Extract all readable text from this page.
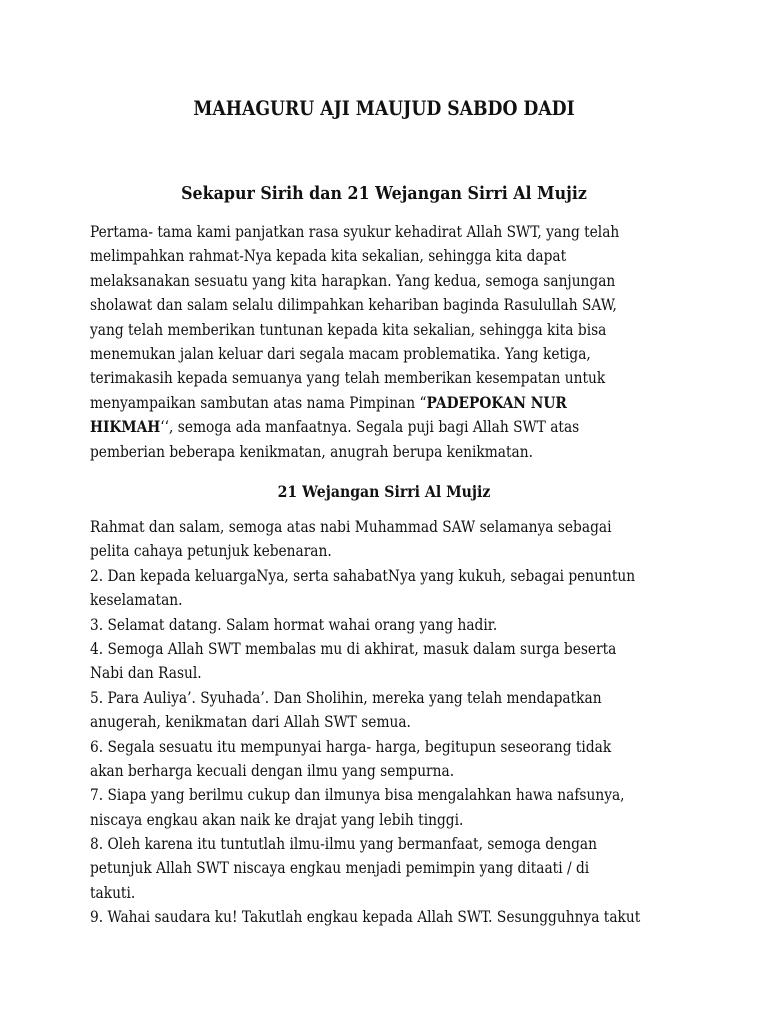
MAHAGURU AJI MAUJUD SABDO DADI
Sekapur Sirih dan 21 Wejangan Sirri Al Mujiz
Pertama- tama kami panjatkan rasa syukur kehadirat Allah SWT, yang telah
melimpahkan rahmat-Nya kepada kita sekalian, sehingga kita dapat
melaksanakan sesuatu yang kita harapkan. Yang kedua, semoga sanjungan
sholawat dan salam selalu dilimpahkan kehariban baginda Rasulullah SAW,
yang telah memberikan tuntunan kepada kita sekalian, sehingga kita bisa
menemukan jalan keluar dari segala macam problematika. Yang ketiga,
terimakasih kepada semuanya yang telah memberikan kesempatan untuk
menyampaikan sambutan atas nama Pimpinan “PADEPOKAN NUR
HIKMAH‘‘, semoga ada manfaatnya. Segala puji bagi Allah SWT atas
pemberian beberapa kenikmatan, anugrah berupa kenikmatan.
21 Wejangan Sirri Al Mujiz
Rahmat dan salam, semoga atas nabi Muhammad SAW selamanya sebagai
pelita cahaya petunjuk kebenaran.
2. Dan kepada keluargaNya, serta sahabatNya yang kukuh, sebagai penuntun
keselamatan.
3. Selamat datang. Salam hormat wahai orang yang hadir.
4. Semoga Allah SWT membalas mu di akhirat, masuk dalam surga beserta
Nabi dan Rasul.
5. Para Auliya’. Syuhada’. Dan Sholihin, mereka yang telah mendapatkan
anugerah, kenikmatan dari Allah SWT semua.
6. Segala sesuatu itu mempunyai harga- harga, begitupun seseorang tidak
akan berharga kecuali dengan ilmu yang sempurna.
7. Siapa yang berilmu cukup dan ilmunya bisa mengalahkan hawa nafsunya,
niscaya engkau akan naik ke drajat yang lebih tinggi.
8. Oleh karena itu tuntutlah ilmu-ilmu yang bermanfaat, semoga dengan
petunjuk Allah SWT niscaya engkau menjadi pemimpin yang ditaati / di
takuti.
9. Wahai saudara ku! Takutlah engkau kepada Allah SWT. Sesungguhnya takut
